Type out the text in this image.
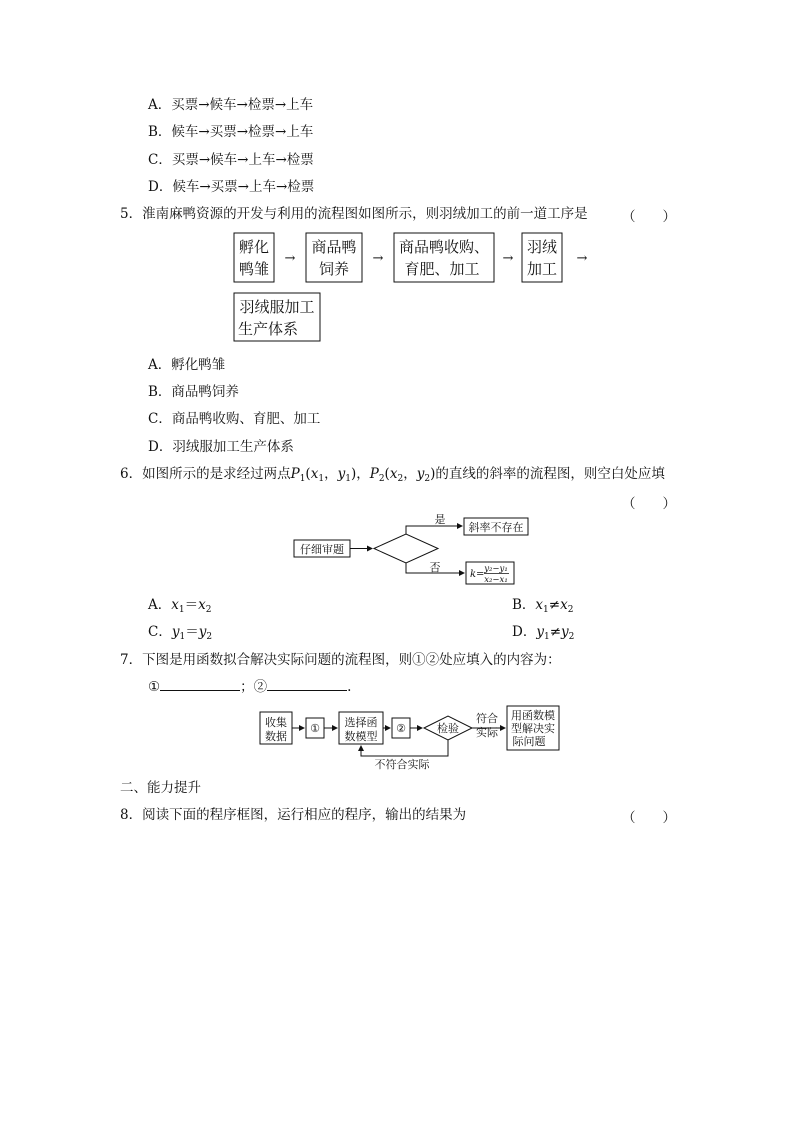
A．买票→候车→检票→上车
B．候车→买票→检票→上车
C．买票→候车→上车→检票
D．候车→买票→上车→检票
5．淮南麻鸭资源的开发与利用的流程图如图所示，则羽绒加工的前一道工序是	（　　）
孵化
鸭雏
→
商品鸭
饲养
→
商品鸭收购、
育肥、加工
→
羽绒
加工
→
羽绒服加工
生产体系
A．孵化鸭雏
B．商品鸭饲养
C．商品鸭收购、育肥、加工
D．羽绒服加工生产体系
6．如图所示的是求经过两点$P_1(x_1$，$y_1$)，$P_2(x_2$，$y_2$)的直线的斜率的流程图，则空白处应填
（　　）
仔细审题
是
斜率不存在
否
k= y₂−y₁
x₂−x₁
A．$x_1=x_2$	B．$x_1\ne x_2$
C．$y_1=y_2$	D．$y_1\ne y_2$
7．下图是用函数拟合解决实际问题的流程图，则①②处应填入的内容为：
①	；②	.
收集
数据
① 选择函
数模型
②	检验
符合
实际
用函数模
型解决实
际问题
不符合实际
二、能力提升
8．阅读下面的程序框图，运行相应的程序，输出的结果为	（　　）
